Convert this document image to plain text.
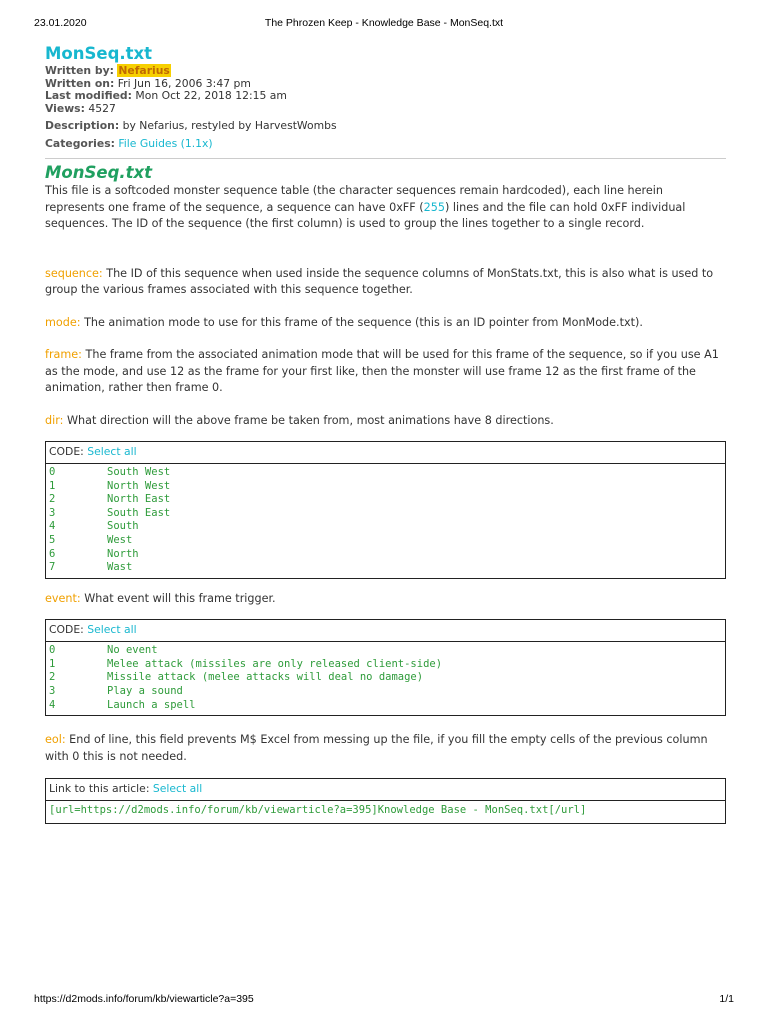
23.01.2020	The Phrozen Keep - Knowledge Base - MonSeq.txt
MonSeq.txt
Written by: Nefarius
Written on: Fri Jun 16, 2006 3:47 pm
Last modified: Mon Oct 22, 2018 12:15 am
Views: 4527
Description: by Nefarius, restyled by HarvestWombs
Categories: File Guides (1.1x)
MonSeq.txt

This file is a softcoded monster sequence table (the character sequences remain hardcoded), each line herein represents one frame of the sequence, a sequence can have 0xFF (255) lines and the file can hold 0xFF individual sequences. The ID of the sequence (the first column) is used to group the lines together to a single record.

sequence: The ID of this sequence when used inside the sequence columns of MonStats.txt, this is also what is used to group the various frames associated with this sequence together.

mode: The animation mode to use for this frame of the sequence (this is an ID pointer from MonMode.txt).

frame: The frame from the associated animation mode that will be used for this frame of the sequence, so if you use A1 as the mode, and use 12 as the frame for your first like, then the monster will use frame 12 as the first frame of the animation, rather then frame 0.

dir: What direction will the above frame be taken from, most animations have 8 directions.

CODE: Select all
0	South West
1	North West
2	North East
3	South East
4	South
5	West
6	North
7	Wast

event: What event will this frame trigger.

CODE: Select all
0	No event
1	Melee attack (missiles are only released client-side)
2	Missile attack (melee attacks will deal no damage)
3	Play a sound
4	Launch a spell

eol: End of line, this field prevents M$ Excel from messing up the file, if you fill the empty cells of the previous column with 0 this is not needed.

Link to this article: Select all
[url=https://d2mods.info/forum/kb/viewarticle?a=395]Knowledge Base - MonSeq.txt[/url]
https://d2mods.info/forum/kb/viewarticle?a=395	1/1
